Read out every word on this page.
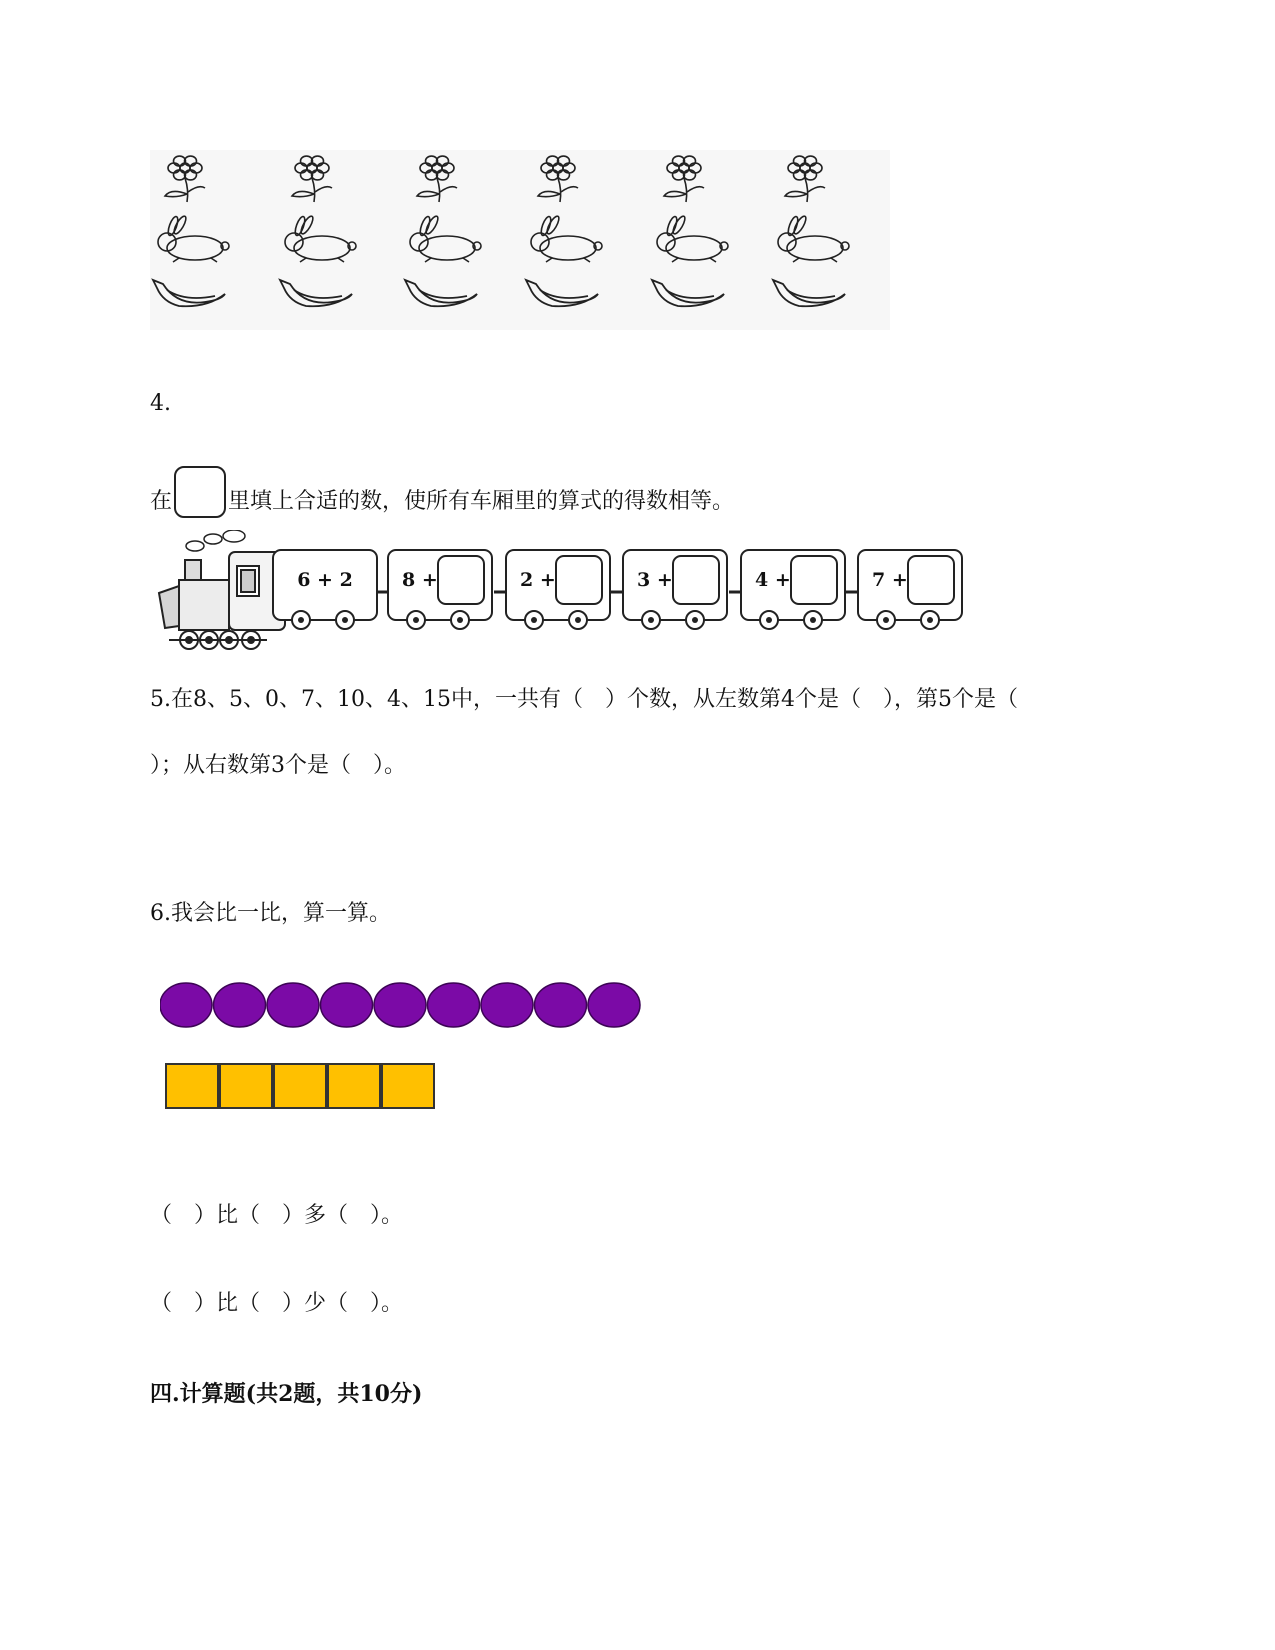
4.
在	里填上合适的数，使所有车厢里的算式的得数相等。
6 + 2	8 +	2 +	3 +	4 +	7 +
5.在8、5、0、7、10、4、15中，一共有（　）个数，从左数第4个是（　），第5个是（
）；从右数第3个是（　）。
6.我会比一比，算一算。
（　）比（　）多（　）。
（　）比（　）少（　）。
四.计算题(共2题，共10分)
